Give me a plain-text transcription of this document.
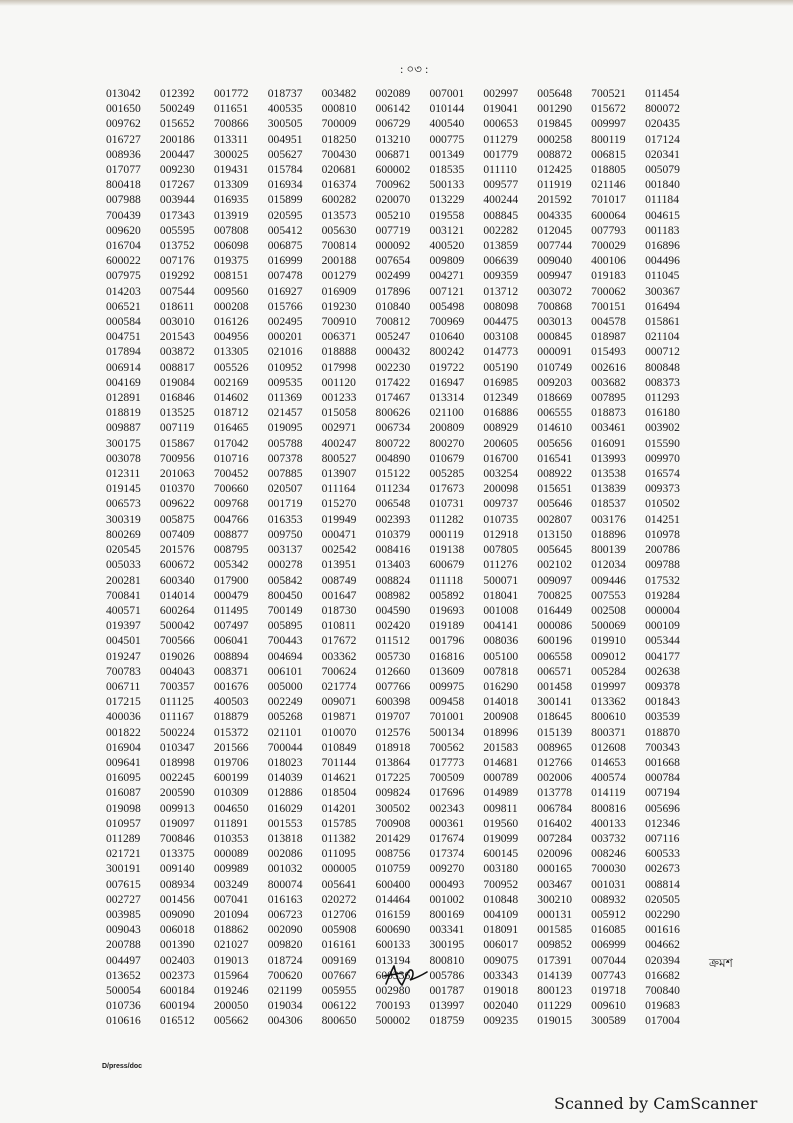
: ০৩ :
013042	012392	001772	018737	003482	002089	007001	002997	005648	700521	011454
001650	500249	011651	400535	000810	006142	010144	019041	001290	015672	800072
009762	015652	700866	300505	700009	006729	400540	000653	019845	009997	020435
016727	200186	013311	004951	018250	013210	000775	011279	000258	800119	017124
008936	200447	300025	005627	700430	006871	001349	001779	008872	006815	020341
017077	009230	019431	015784	020681	600002	018535	011110	012425	018805	005079
800418	017267	013309	016934	016374	700962	500133	009577	011919	021146	001840
007988	003944	016935	015899	600282	020070	013229	400244	201592	701017	011184
700439	017343	013919	020595	013573	005210	019558	008845	004335	600064	004615
009620	005595	007808	005412	005630	007719	003121	002282	012045	007793	001183
016704	013752	006098	006875	700814	000092	400520	013859	007744	700029	016896
600022	007176	019375	016999	200188	007654	009809	006639	009040	400106	004496
007975	019292	008151	007478	001279	002499	004271	009359	009947	019183	011045
014203	007544	009560	016927	016909	017896	007121	013712	003072	700062	300367
006521	018611	000208	015766	019230	010840	005498	008098	700868	700151	016494
000584	003010	016126	002495	700910	700812	700969	004475	003013	004578	015861
004751	201543	004956	000201	006371	005247	010640	003108	000845	018987	021104
017894	003872	013305	021016	018888	000432	800242	014773	000091	015493	000712
006914	008817	005526	010952	017998	002230	019722	005190	010749	002616	800848
004169	019084	002169	009535	001120	017422	016947	016985	009203	003682	008373
012891	016846	014602	011369	001233	017467	013314	012349	018669	007895	011293
018819	013525	018712	021457	015058	800626	021100	016886	006555	018873	016180
009887	007119	016465	019095	002971	006734	200809	008929	014610	003461	003902
300175	015867	017042	005788	400247	800722	800270	200605	005656	016091	015590
003078	700956	010716	007378	800527	004890	010679	016700	016541	013993	009970
012311	201063	700452	007885	013907	015122	005285	003254	008922	013538	016574
019145	010370	700660	020507	011164	011234	017673	200098	015651	013839	009373
006573	009622	009768	001719	015270	006548	010731	009737	005646	018537	010502
300319	005875	004766	016353	019949	002393	011282	010735	002807	003176	014251
800269	007409	008877	009750	000471	010379	000119	012918	013150	018896	010978
020545	201576	008795	003137	002542	008416	019138	007805	005645	800139	200786
005033	600672	005342	000278	013951	013403	600679	011276	002102	012034	009788
200281	600340	017900	005842	008749	008824	011118	500071	009097	009446	017532
700841	014014	000479	800450	001647	008982	005892	018041	700825	007553	019284
400571	600264	011495	700149	018730	004590	019693	001008	016449	002508	000004
019397	500042	007497	005895	010811	002420	019189	004141	000086	500069	000109
004501	700566	006041	700443	017672	011512	001796	008036	600196	019910	005344
019247	019026	008894	004694	003362	005730	016816	005100	006558	009012	004177
700783	004043	008371	006101	700624	012660	013609	007818	006571	005284	002638
006711	700357	001676	005000	021774	007766	009975	016290	001458	019997	009378
017215	011125	400503	002249	009071	600398	009458	014018	300141	013362	001843
400036	011167	018879	005268	019871	019707	701001	200908	018645	800610	003539
001822	500224	015372	021101	010070	012576	500134	018996	015139	800371	018870
016904	010347	201566	700044	010849	018918	700562	201583	008965	012608	700343
009641	018998	019706	018023	701144	013864	017773	014681	012766	014653	001668
016095	002245	600199	014039	014621	017225	700509	000789	002006	400574	000784
016087	200590	010309	012886	018504	009824	017696	014989	013778	014119	007194
019098	009913	004650	016029	014201	300502	002343	009811	006784	800816	005696
010957	019097	011891	001553	015785	700908	000361	019560	016402	400133	012346
011289	700846	010353	013818	011382	201429	017674	019099	007284	003732	007116
021721	013375	000089	002086	011095	008756	017374	600145	020096	008246	600533
300191	009140	009989	001032	000005	010759	009270	003180	000165	700030	002673
007615	008934	003249	800074	005641	600400	000493	700952	003467	001031	008814
002727	001456	007041	016163	020272	014464	001002	010848	300210	008932	020505
003985	009090	201094	006723	012706	016159	800169	004109	000131	005912	002290
009043	006018	018862	002090	005908	600690	003341	018091	001585	016085	001616
200788	001390	021027	009820	016161	600133	300195	006017	009852	006999	004662
004497	002403	019013	018724	009169	013194	800810	009075	017391	007044	020394
013652	002373	015964	700620	007667	600336	005786	003343	014139	007743	016682
500054	600184	019246	021199	005955	002980	001787	019018	800123	019718	700840
010736	600194	200050	019034	006122	700193	013997	002040	011229	009610	019683
010616	016512	005662	004306	800650	500002	018759	009235	019015	300589	017004
ক্রমশ
D/press/doc
Scanned by CamScanner
